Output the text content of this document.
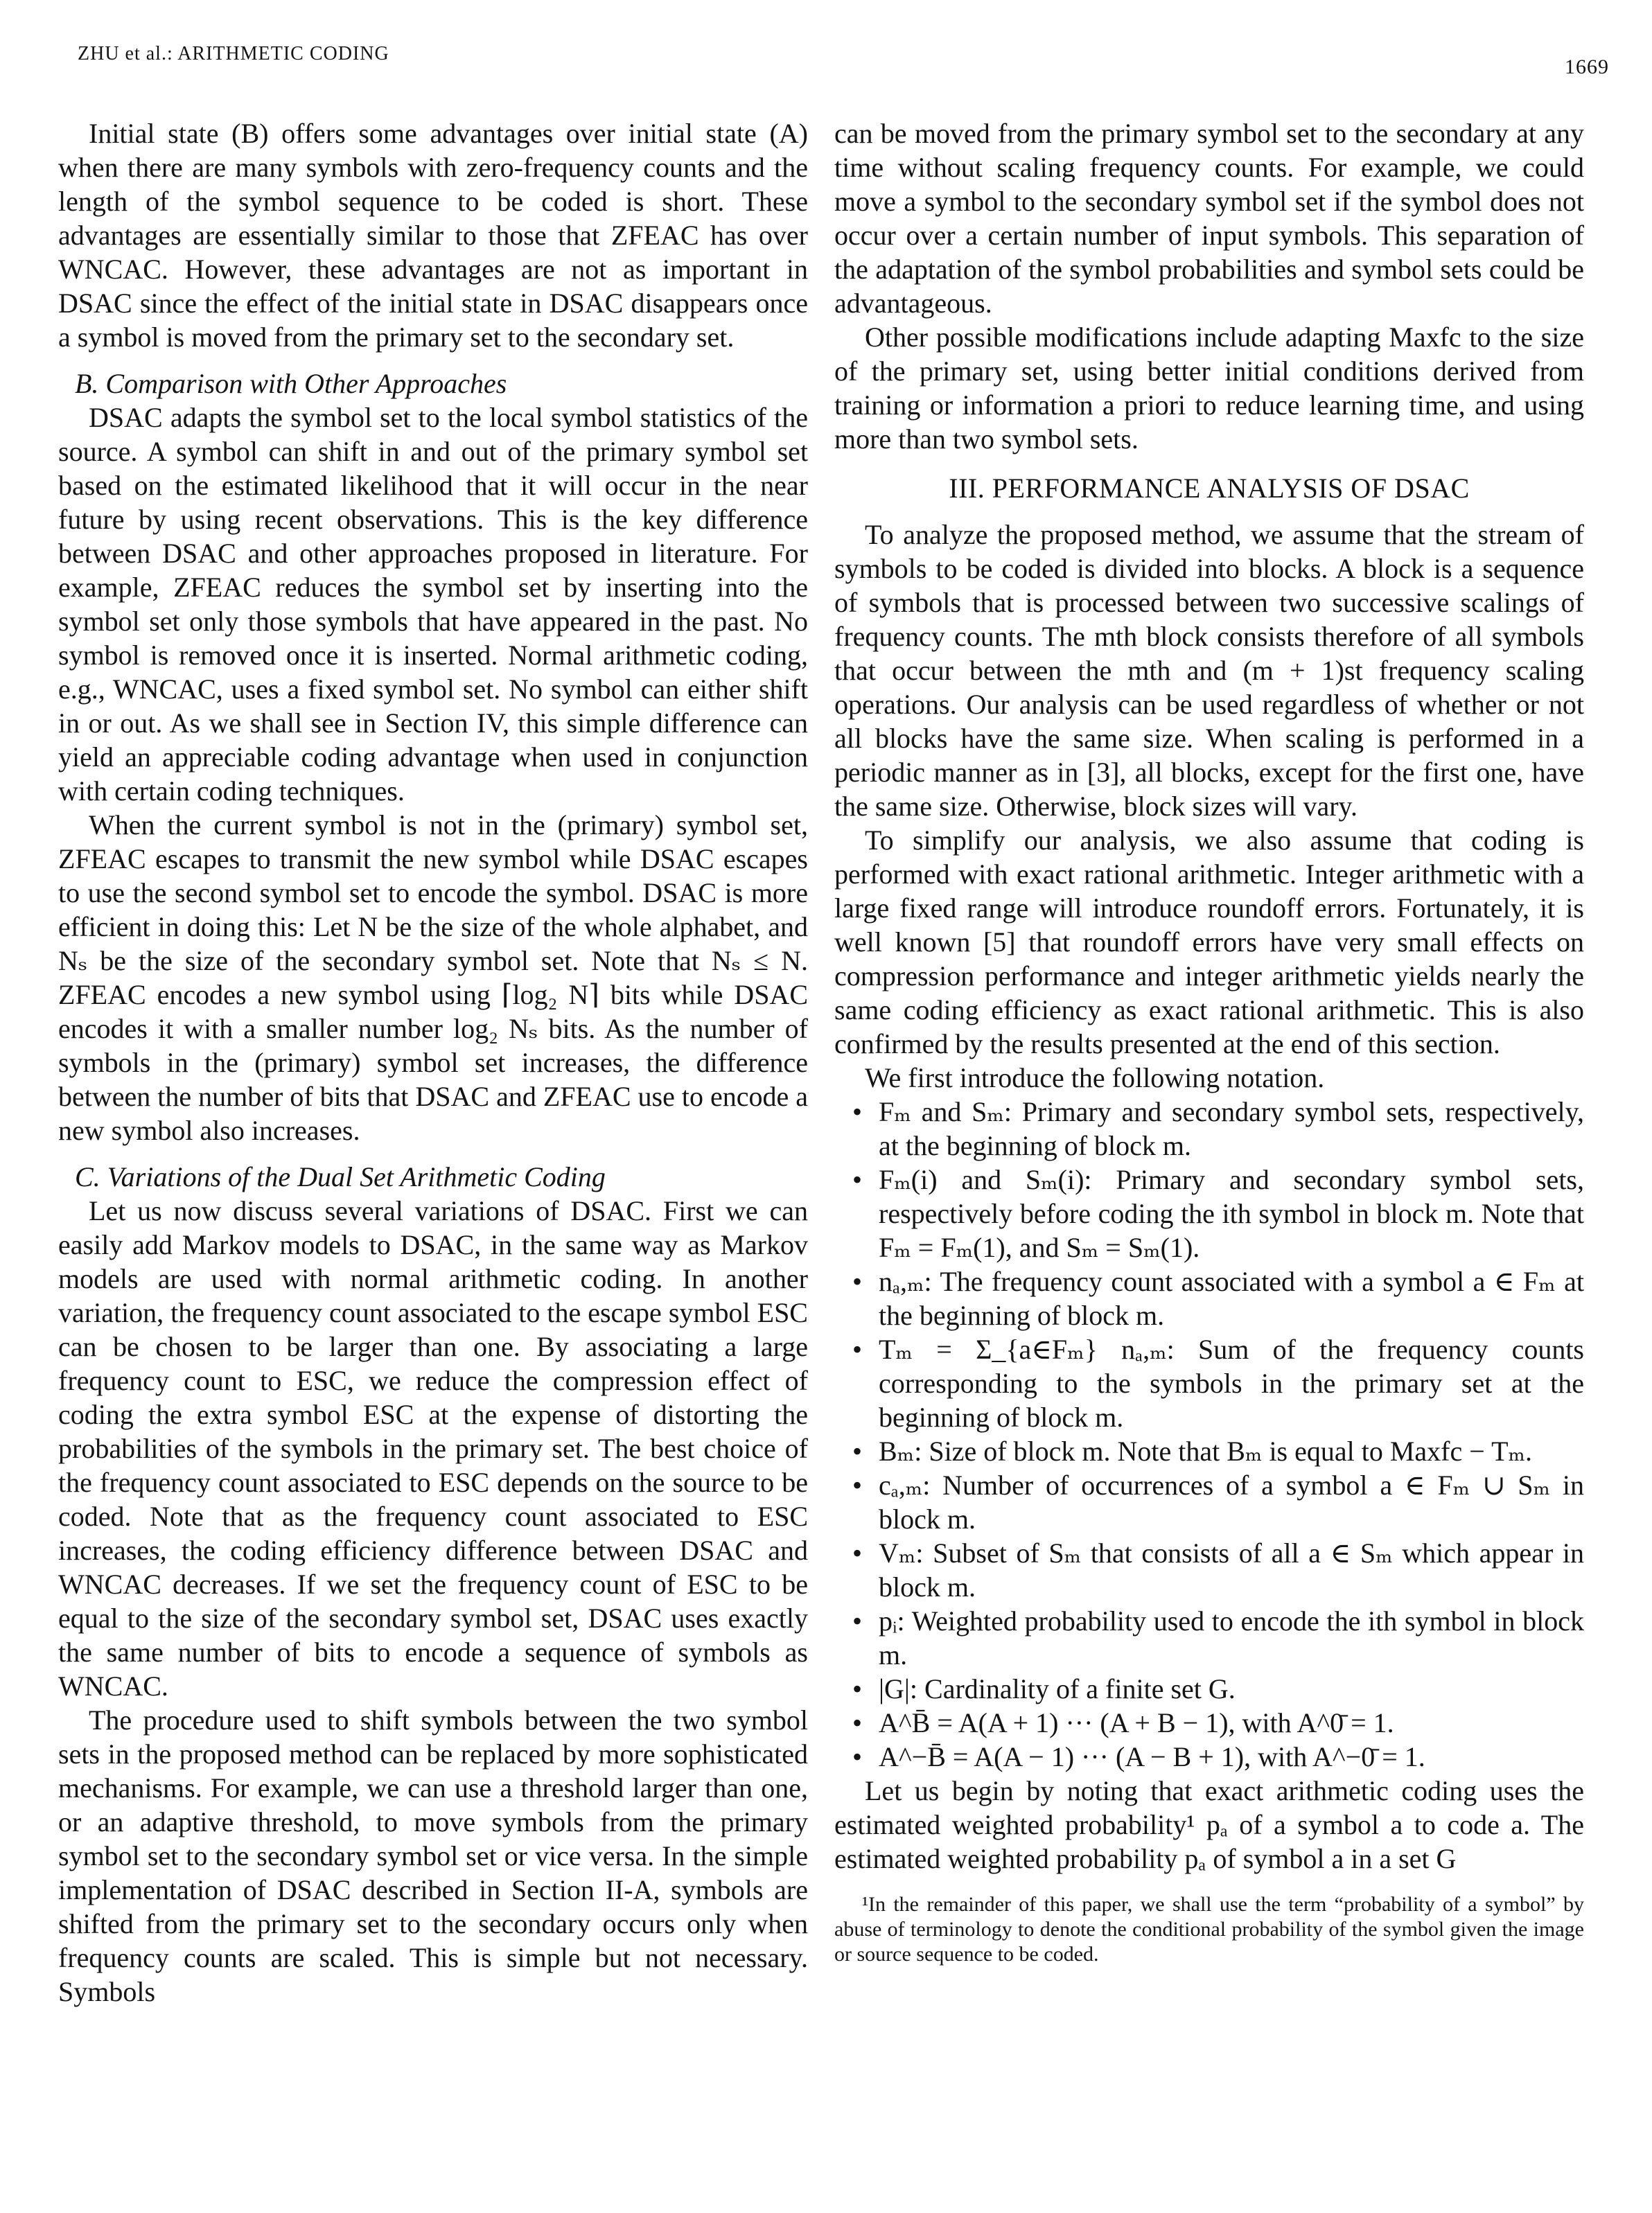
ZHU et al.: ARITHMETIC CODING
1669

Initial state (B) offers some advantages over initial state (A) when there are many symbols with zero-frequency counts and the length of the symbol sequence to be coded is short. These advantages are essentially similar to those that ZFEAC has over WNCAC. However, these advantages are not as important in DSAC since the effect of the initial state in DSAC disappears once a symbol is moved from the primary set to the secondary set.

B. Comparison with Other Approaches

DSAC adapts the symbol set to the local symbol statistics of the source. A symbol can shift in and out of the primary symbol set based on the estimated likelihood that it will occur in the near future by using recent observations. This is the key difference between DSAC and other approaches proposed in literature. For example, ZFEAC reduces the symbol set by inserting into the symbol set only those symbols that have appeared in the past. No symbol is removed once it is inserted. Normal arithmetic coding, e.g., WNCAC, uses a fixed symbol set. No symbol can either shift in or out. As we shall see in Section IV, this simple difference can yield an appreciable coding advantage when used in conjunction with certain coding techniques.

When the current symbol is not in the (primary) symbol set, ZFEAC escapes to transmit the new symbol while DSAC escapes to use the second symbol set to encode the symbol. DSAC is more efficient in doing this: Let N be the size of the whole alphabet, and Nₛ be the size of the secondary symbol set. Note that Nₛ ≤ N. ZFEAC encodes a new symbol using ⌈log₂ N⌉ bits while DSAC encodes it with a smaller number log₂ Nₛ bits. As the number of symbols in the (primary) symbol set increases, the difference between the number of bits that DSAC and ZFEAC use to encode a new symbol also increases.

C. Variations of the Dual Set Arithmetic Coding

Let us now discuss several variations of DSAC. First we can easily add Markov models to DSAC, in the same way as Markov models are used with normal arithmetic coding. In another variation, the frequency count associated to the escape symbol ESC can be chosen to be larger than one. By associating a large frequency count to ESC, we reduce the compression effect of coding the extra symbol ESC at the expense of distorting the probabilities of the symbols in the primary set. The best choice of the frequency count associated to ESC depends on the source to be coded. Note that as the frequency count associated to ESC increases, the coding efficiency difference between DSAC and WNCAC decreases. If we set the frequency count of ESC to be equal to the size of the secondary symbol set, DSAC uses exactly the same number of bits to encode a sequence of symbols as WNCAC.

The procedure used to shift symbols between the two symbol sets in the proposed method can be replaced by more sophisticated mechanisms. For example, we can use a threshold larger than one, or an adaptive threshold, to move symbols from the primary symbol set to the secondary symbol set or vice versa. In the simple implementation of DSAC described in Section II-A, symbols are shifted from the primary set to the secondary occurs only when frequency counts are scaled. This is simple but not necessary. Symbols

can be moved from the primary symbol set to the secondary at any time without scaling frequency counts. For example, we could move a symbol to the secondary symbol set if the symbol does not occur over a certain number of input symbols. This separation of the adaptation of the symbol probabilities and symbol sets could be advantageous.

Other possible modifications include adapting Maxfc to the size of the primary set, using better initial conditions derived from training or information a priori to reduce learning time, and using more than two symbol sets.

III. PERFORMANCE ANALYSIS OF DSAC

To analyze the proposed method, we assume that the stream of symbols to be coded is divided into blocks. A block is a sequence of symbols that is processed between two successive scalings of frequency counts. The mth block consists therefore of all symbols that occur between the mth and (m + 1)st frequency scaling operations. Our analysis can be used regardless of whether or not all blocks have the same size. When scaling is performed in a periodic manner as in [3], all blocks, except for the first one, have the same size. Otherwise, block sizes will vary.

To simplify our analysis, we also assume that coding is performed with exact rational arithmetic. Integer arithmetic with a large fixed range will introduce roundoff errors. Fortunately, it is well known [5] that roundoff errors have very small effects on compression performance and integer arithmetic yields nearly the same coding efficiency as exact rational arithmetic. This is also confirmed by the results presented at the end of this section.

We first introduce the following notation.

• Fₘ and Sₘ: Primary and secondary symbol sets, respectively, at the beginning of block m.
• Fₘ(i) and Sₘ(i): Primary and secondary symbol sets, respectively before coding the ith symbol in block m. Note that Fₘ = Fₘ(1), and Sₘ = Sₘ(1).
• nₐ,ₘ: The frequency count associated with a symbol a ∈ Fₘ at the beginning of block m.
• Tₘ = Σ_{a∈Fₘ} nₐ,ₘ: Sum of the frequency counts corresponding to the symbols in the primary set at the beginning of block m.
• Bₘ: Size of block m. Note that Bₘ is equal to Maxfc − Tₘ.
• cₐ,ₘ: Number of occurrences of a symbol a ∈ Fₘ ∪ Sₘ in block m.
• Vₘ: Subset of Sₘ that consists of all a ∈ Sₘ which appear in block m.
• pᵢ: Weighted probability used to encode the ith symbol in block m.
• |G|: Cardinality of a finite set G.
• A^B̄ = A(A + 1) ··· (A + B − 1), with A^0̄ = 1.
• A^−B̄ = A(A − 1) ··· (A − B + 1), with A^−0̄ = 1.

Let us begin by noting that exact arithmetic coding uses the estimated weighted probability¹ pₐ of a symbol a to code a. The estimated weighted probability pₐ of symbol a in a set G

¹In the remainder of this paper, we shall use the term “probability of a symbol” by abuse of terminology to denote the conditional probability of the symbol given the image or source sequence to be coded.
